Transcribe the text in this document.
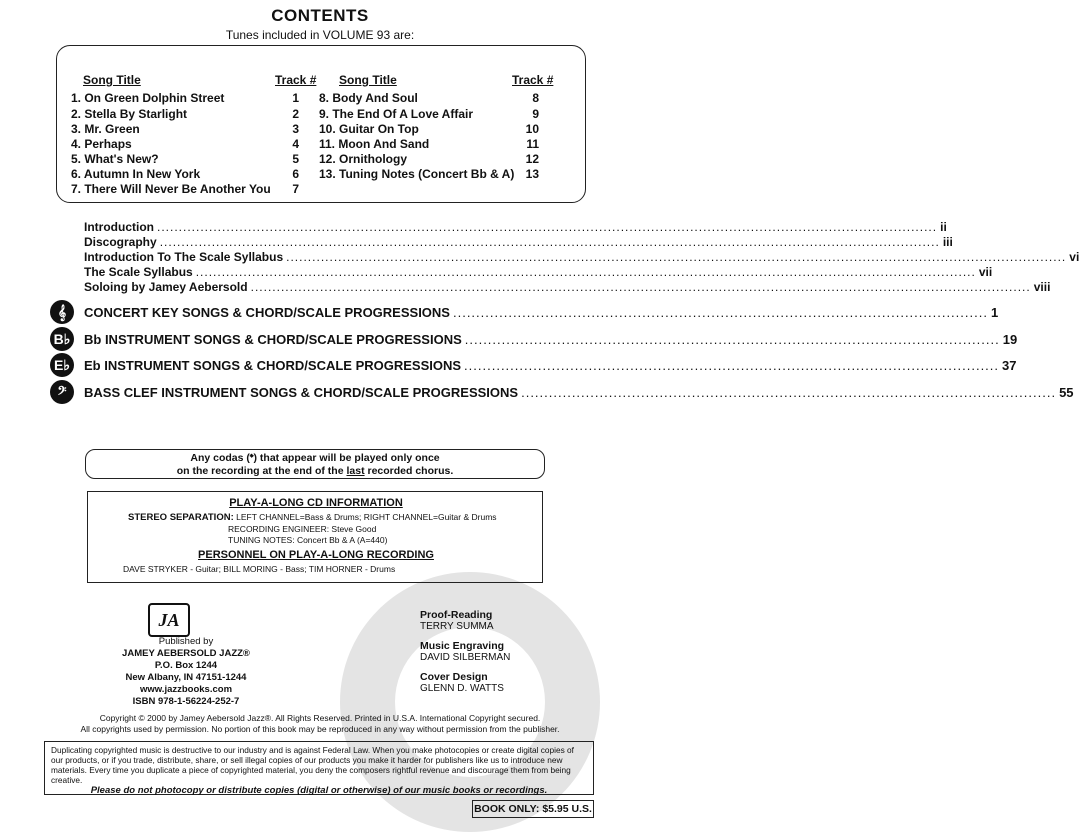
CONTENTS
Tunes included in VOLUME 93 are:
Song Title	Track # Song Title	Track #
1. On Green Dolphin Street	1
2. Stella By Starlight	2
3. Mr. Green	3
4. Perhaps	4
5. What's New?	5
6. Autumn In New York	6
7. There Will Never Be Another You	7
8. Body And Soul	8
9. The End Of A Love Affair	9
10. Guitar On Top	10
11. Moon And Sand	11
12. Ornithology	12
13. Tuning Notes (Concert Bb & A) 13
Introduction .................................................................................................................................................................................... ii
Discography .................................................................................................................................................................................... iii
Introduction To The Scale Syllabus .................................................................................................................................................................................... vi
The Scale Syllabus .................................................................................................................................................................................... vii
Soloing by Jamey Aebersold .................................................................................................................................................................................... viii
𝄞	CONCERT KEY SONGS & CHORD/SCALE PROGRESSIONS .................................................................................................................... 1
B♭ Bb INSTRUMENT SONGS & CHORD/SCALE PROGRESSIONS .................................................................................................................... 19
E♭	Eb INSTRUMENT SONGS & CHORD/SCALE PROGRESSIONS .................................................................................................................... 37
𝄢	BASS CLEF INSTRUMENT SONGS & CHORD/SCALE PROGRESSIONS .................................................................................................................... 55
Any codas (𝄌) that appear will be played only once
on the recording at the end of the last recorded chorus.
PLAY-A-LONG CD INFORMATION
STEREO SEPARATION: LEFT CHANNEL=Bass & Drums; RIGHT CHANNEL=Guitar & Drums
RECORDING ENGINEER: Steve Good
TUNING NOTES: Concert Bb & A (A=440)
PERSONNEL ON PLAY-A-LONG RECORDING
DAVE STRYKER - Guitar; BILL MORING - Bass; TIM HORNER - Drums
JA
Published by
JAMEY AEBERSOLD JAZZ®
P.O. Box 1244
New Albany, IN 47151-1244
www.jazzbooks.com
ISBN 978-1-56224-252-7
Proof-Reading
TERRY SUMMA
Music Engraving
DAVID SILBERMAN
Cover Design
GLENN D. WATTS
Copyright © 2000 by Jamey Aebersold Jazz®. All Rights Reserved. Printed in U.S.A. International Copyright secured.
All copyrights used by permission. No portion of this book may be reproduced in any way without permission from the publisher.
Duplicating copyrighted music is destructive to our industry and is against Federal Law. When you make photocopies or create digital copies of our products, or if you trade, distribute, share, or sell illegal copies of our products you make it harder for publishers like us to introduce new materials. Every time you duplicate a piece of copyrighted material, you deny the composers rightful revenue and discourage them from being creative.
Please do not photocopy or distribute copies (digital or otherwise) of our music books or recordings.
BOOK ONLY: $5.95 U.S.
